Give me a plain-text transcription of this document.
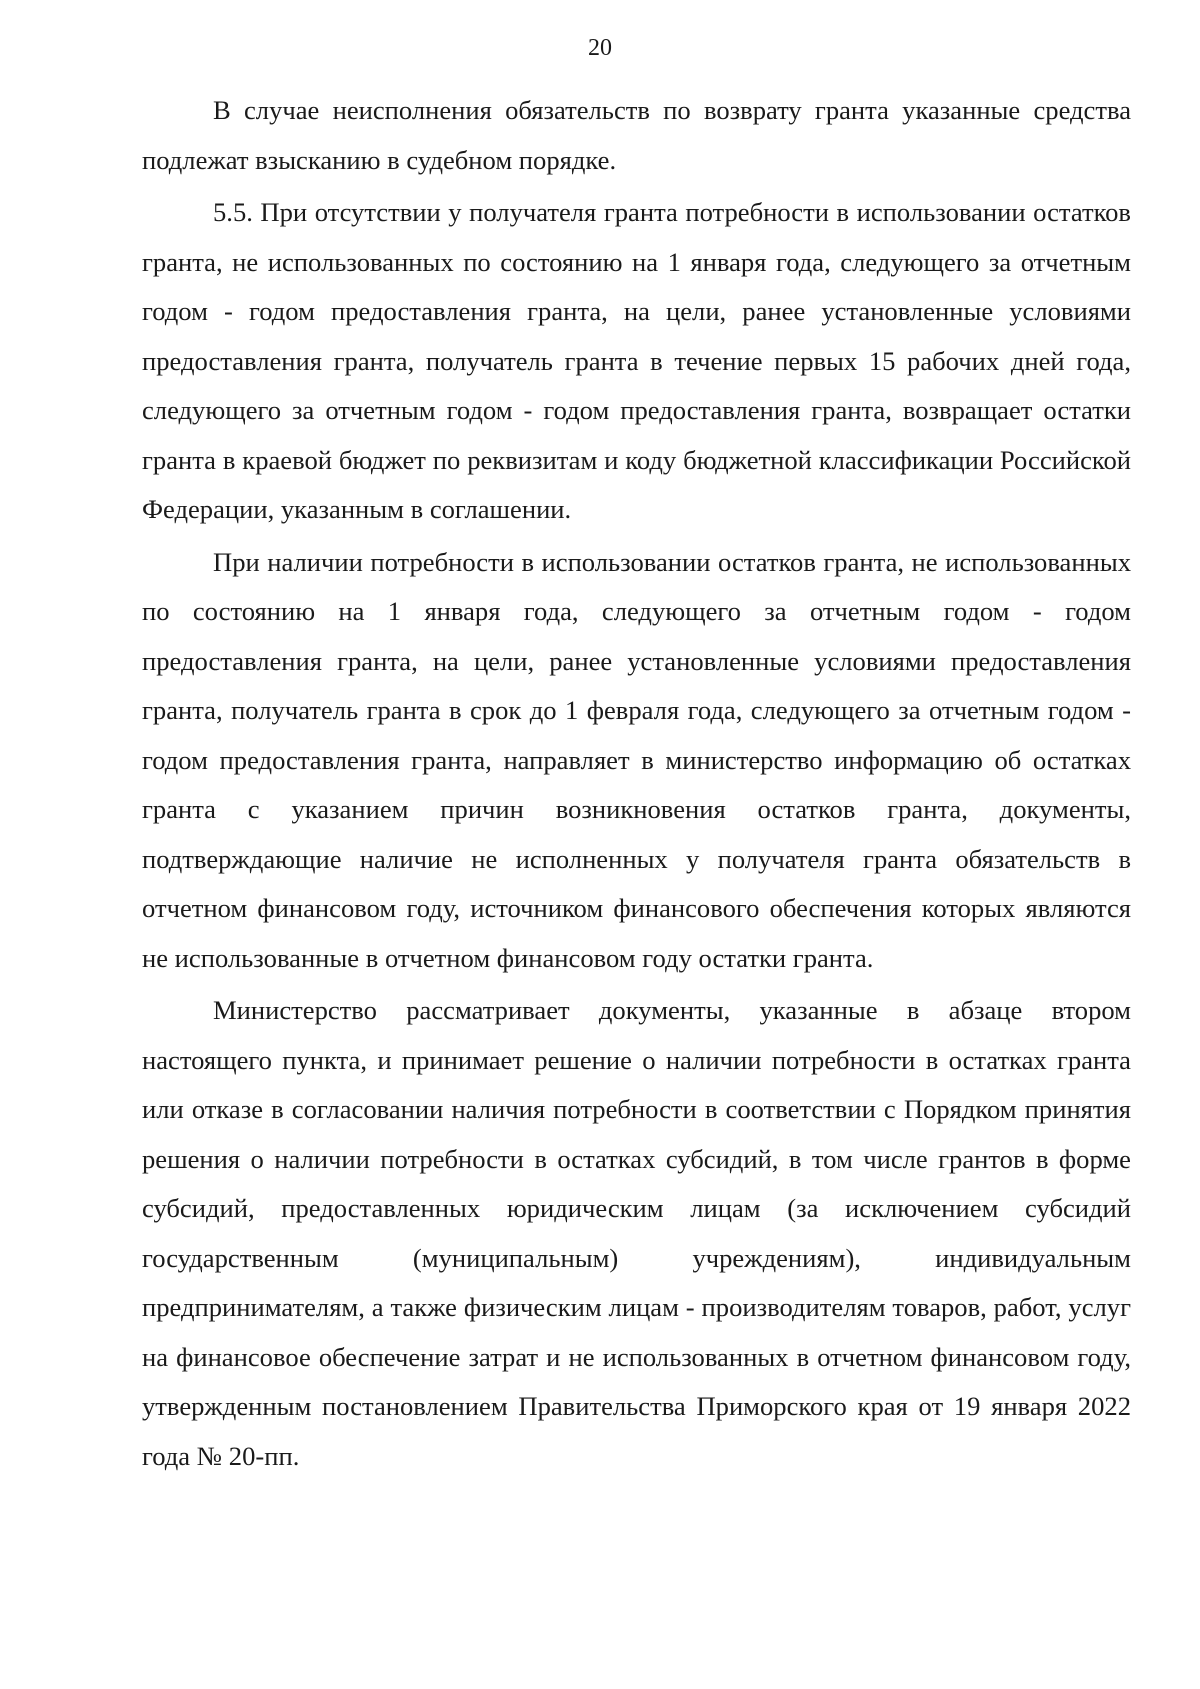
20

В случае неисполнения обязательств по возврату гранта указанные средства подлежат взысканию в судебном порядке.

5.5. При отсутствии у получателя гранта потребности в использовании остатков гранта, не использованных по состоянию на 1 января года, следующего за отчетным годом - годом предоставления гранта, на цели, ранее установленные условиями предоставления гранта, получатель гранта в течение первых 15 рабочих дней года, следующего за отчетным годом - годом предоставления гранта, возвращает остатки гранта в краевой бюджет по реквизитам и коду бюджетной классификации Российской Федерации, указанным в соглашении.

При наличии потребности в использовании остатков гранта, не использованных по состоянию на 1 января года, следующего за отчетным годом - годом предоставления гранта, на цели, ранее установленные условиями предоставления гранта, получатель гранта в срок до 1 февраля года, следующего за отчетным годом - годом предоставления гранта, направляет в министерство информацию об остатках гранта с указанием причин возникновения остатков гранта, документы, подтверждающие наличие не исполненных у получателя гранта обязательств в отчетном финансовом году, источником финансового обеспечения которых являются не использованные в отчетном финансовом году остатки гранта.

Министерство рассматривает документы, указанные в абзаце втором настоящего пункта, и принимает решение о наличии потребности в остатках гранта или отказе в согласовании наличия потребности в соответствии с Порядком принятия решения о наличии потребности в остатках субсидий, в том числе грантов в форме субсидий, предоставленных юридическим лицам (за исключением субсидий государственным (муниципальным) учреждениям), индивидуальным предпринимателям, а также физическим лицам - производителям товаров, работ, услуг на финансовое обеспечение затрат и не использованных в отчетном финансовом году, утвержденным постановлением Правительства Приморского края от 19 января 2022 года № 20-пп.
